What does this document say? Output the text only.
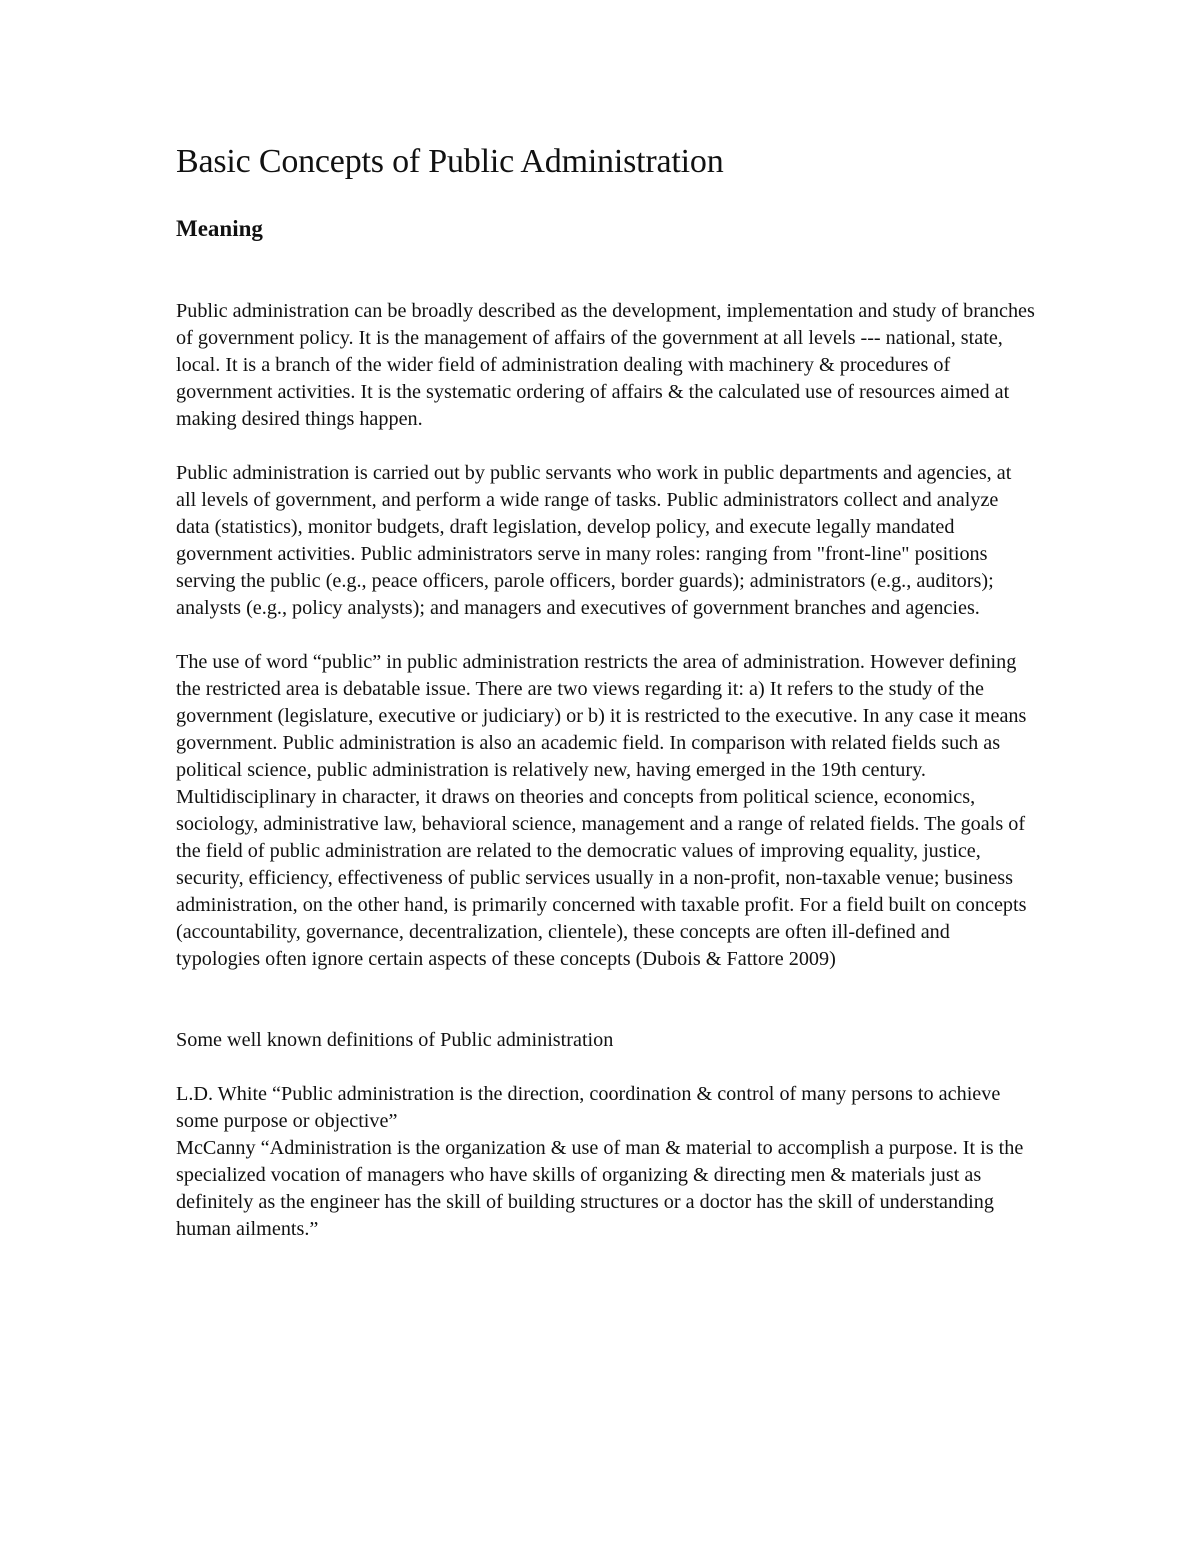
Basic Concepts of Public Administration
Meaning

Public administration can be broadly described as the development, implementation and study of branches of government policy. It is the management of affairs of the government at all levels --- national, state, local. It is a branch of the wider field of administration dealing with machinery & procedures of government activities. It is the systematic ordering of affairs & the calculated use of resources aimed at making desired things happen.

Public administration is carried out by public servants who work in public departments and agencies, at all levels of government, and perform a wide range of tasks. Public administrators collect and analyze data (statistics), monitor budgets, draft legislation, develop policy, and execute legally mandated government activities. Public administrators serve in many roles: ranging from "front-line" positions serving the public (e.g., peace officers, parole officers, border guards); administrators (e.g., auditors); analysts (e.g., policy analysts); and managers and executives of government branches and agencies.

The use of word “public” in public administration restricts the area of administration. However defining the restricted area is debatable issue. There are two views regarding it: a) It refers to the study of the government (legislature, executive or judiciary) or b) it is restricted to the executive. In any case it means government. Public administration is also an academic field. In comparison with related fields such as political science, public administration is relatively new, having emerged in the 19th century. Multidisciplinary in character, it draws on theories and concepts from political science, economics, sociology, administrative law, behavioral science, management and a range of related fields. The goals of the field of public administration are related to the democratic values of improving equality, justice, security, efficiency, effectiveness of public services usually in a non-profit, non-taxable venue; business administration, on the other hand, is primarily concerned with taxable profit. For a field built on concepts (accountability, governance, decentralization, clientele), these concepts are often ill-defined and typologies often ignore certain aspects of these concepts (Dubois & Fattore 2009)

Some well known definitions of Public administration

L.D. White “Public administration is the direction, coordination & control of many persons to achieve some purpose or objective”

McCanny “Administration is the organization & use of man & material to accomplish a purpose. It is the specialized vocation of managers who have skills of organizing & directing men & materials just as definitely as the engineer has the skill of building structures or a doctor has the skill of understanding human ailments.”
